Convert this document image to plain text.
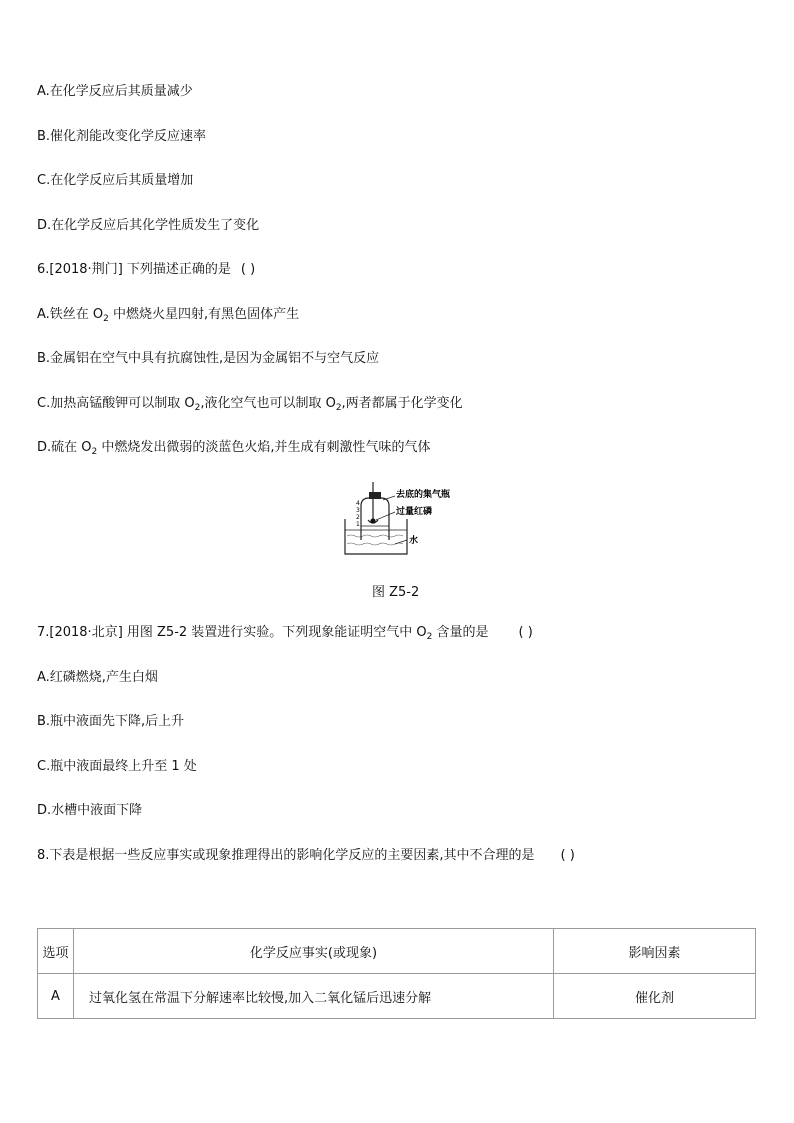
A.在化学反应后其质量减少
B.催化剂能改变化学反应速率
C.在化学反应后其质量增加
D.在化学反应后其化学性质发生了变化
6.[2018·荆门] 下列描述正确的是 ( )
A.铁丝在 $O_2$ 中燃烧火星四射,有黑色固体产生
B.金属铝在空气中具有抗腐蚀性,是因为金属铝不与空气反应
C.加热高锰酸钾可以制取 $O_2$,液化空气也可以制取 $O_2$,两者都属于化学变化
D.硫在 $O_2$ 中燃烧发出微弱的淡蓝色火焰,并生成有刺激性气味的气体
4
3
2
1
去底的集气瓶
过量红磷
水
图 Z5-2
7.[2018·北京] 用图 Z5-2 装置进行实验。下列现象能证明空气中 $O_2$ 含量的是 ( )
A.红磷燃烧,产生白烟
B.瓶中液面先下降,后上升
C.瓶中液面最终上升至 1 处
D.水槽中液面下降
8.下表是根据一些反应事实或现象推理得出的影响化学反应的主要因素,其中不合理的是 ( )
选项	化学反应事实(或现象)	影响因素
A	过氧化氢在常温下分解速率比较慢,加入二氧化锰后迅速分解	催化剂
